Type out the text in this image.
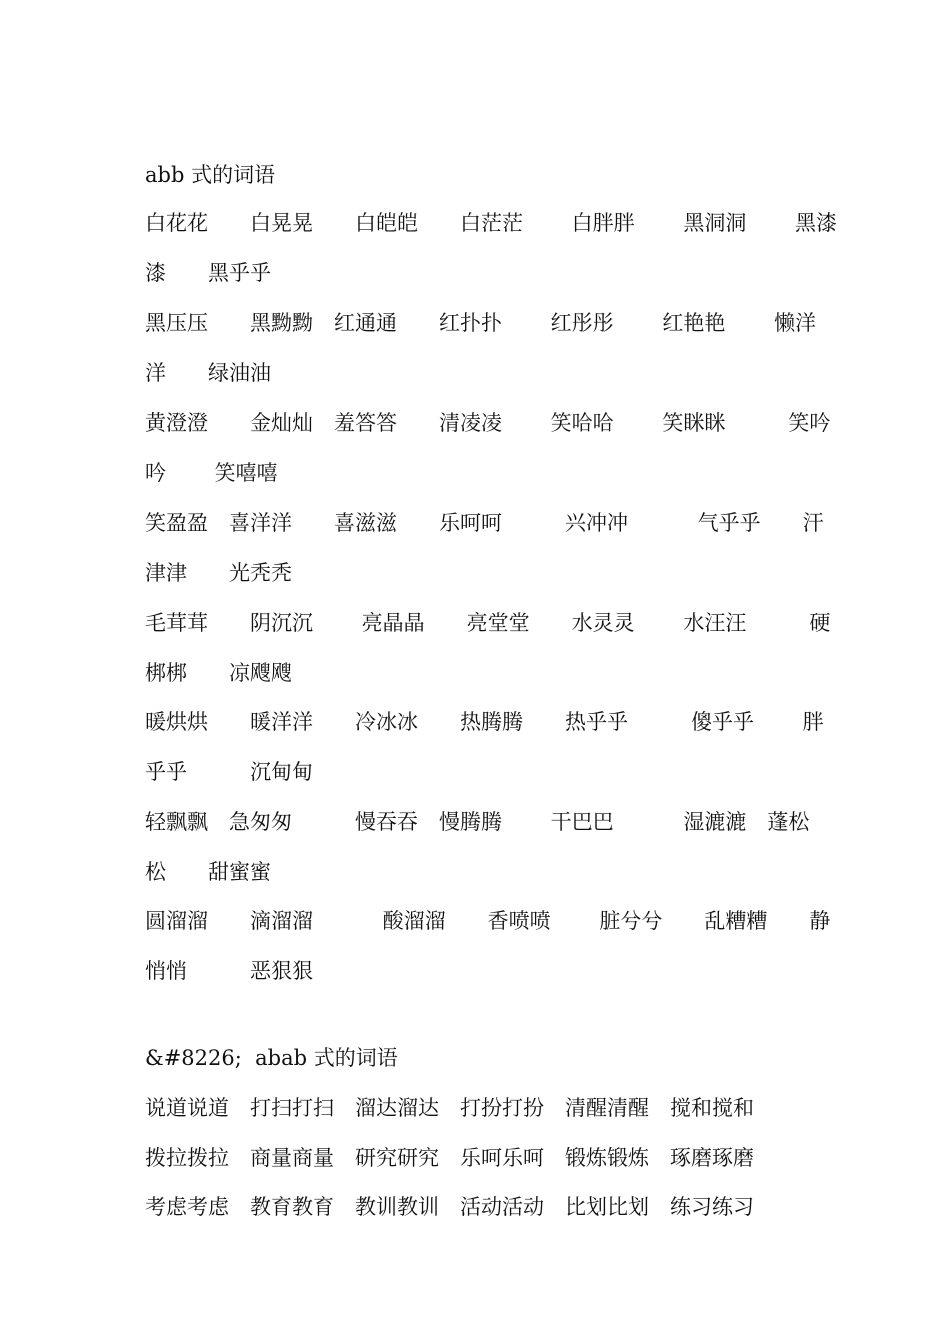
abb 式的词语
白花花　　白晃晃　　白皑皑　　白茫茫　　 白胖胖　　 黑洞洞　　 黑漆
漆　　黑乎乎
黑压压　　黑黝黝　红通通　　红扑扑　　 红彤彤　　 红艳艳　　 懒洋
洋　　绿油油
黄澄澄　　金灿灿　羞答答　　清凌凌　　 笑哈哈　　 笑眯眯　　　笑吟
吟　　 笑嘻嘻
笑盈盈　喜洋洋　　喜滋滋　　乐呵呵　　　兴冲冲　　　 气乎乎　　汗
津津　　光秃秃
毛茸茸　　阴沉沉　　 亮晶晶　　亮堂堂　　水灵灵　　 水汪汪　　　硬
梆梆　　凉飕飕
暖烘烘　　暖洋洋　　冷冰冰　　热腾腾　　热乎乎　　　傻乎乎　　 胖
乎乎　　　沉甸甸
轻飘飘　急匆匆　　　慢吞吞　慢腾腾　　 干巴巴　　　 湿漉漉　蓬松
松　　甜蜜蜜
圆溜溜　　滴溜溜　　　 酸溜溜　　香喷喷　　 脏兮兮　　乱糟糟　　静
悄悄　　　恶狠狠
&#8226;  abab 式的词语
说道说道　打扫打扫　溜达溜达　打扮打扮　清醒清醒　搅和搅和
拨拉拨拉　商量商量　研究研究　乐呵乐呵　锻炼锻炼　琢磨琢磨
考虑考虑　教育教育　教训教训　活动活动　比划比划　练习练习
